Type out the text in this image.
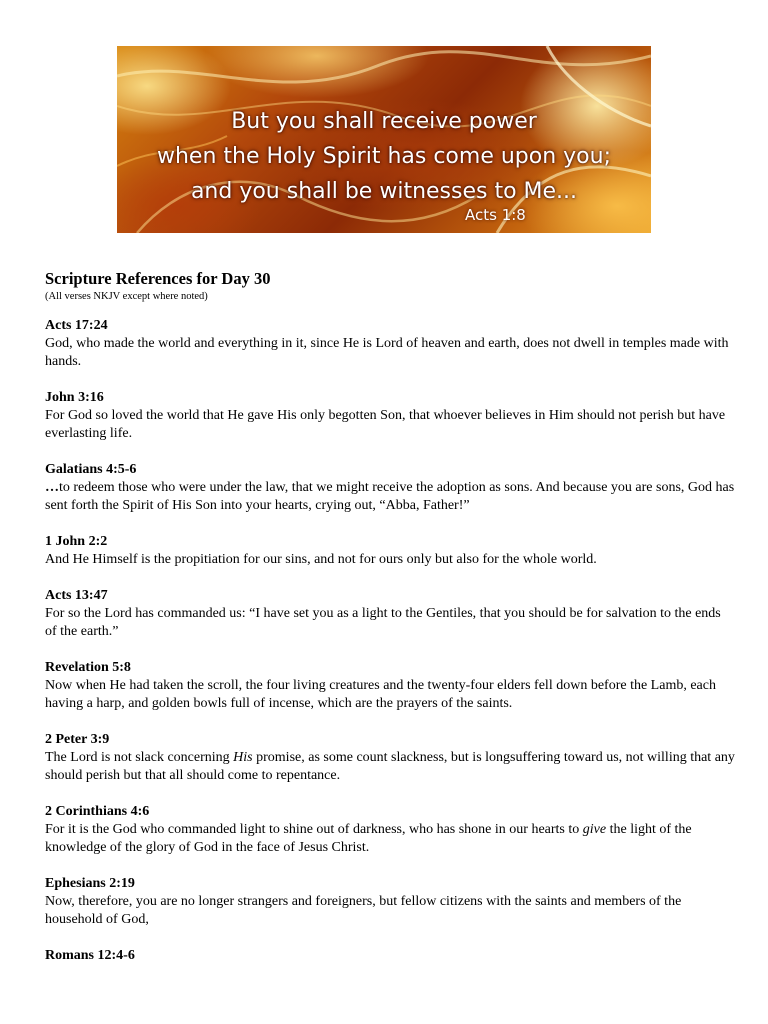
But you shall receive power
when the Holy Spirit has come upon you;
and you shall be witnesses to Me...
Acts 1:8
Scripture References for Day 30

(All verses NKJV except where noted)

Acts 17:24
God, who made the world and everything in it, since He is Lord of heaven and earth, does not dwell in temples made with hands.
John 3:16
For God so loved the world that He gave His only begotten Son, that whoever believes in Him should not perish but have everlasting life.
Galatians 4:5-6
…to redeem those who were under the law, that we might receive the adoption as sons. And because you are sons, God has sent forth the Spirit of His Son into your hearts, crying out, “Abba, Father!”
1 John 2:2
And He Himself is the propitiation for our sins, and not for ours only but also for the whole world.
Acts 13:47
For so the Lord has commanded us: “I have set you as a light to the Gentiles, that you should be for salvation to the ends of the earth.”
Revelation 5:8
Now when He had taken the scroll, the four living creatures and the twenty-four elders fell down before the Lamb, each having a harp, and golden bowls full of incense, which are the prayers of the saints.
2 Peter 3:9
The Lord is not slack concerning His promise, as some count slackness, but is longsuffering toward us, not willing that any should perish but that all should come to repentance.
2 Corinthians 4:6
For it is the God who commanded light to shine out of darkness, who has shone in our hearts to give the light of the knowledge of the glory of God in the face of Jesus Christ.
Ephesians 2:19
Now, therefore, you are no longer strangers and foreigners, but fellow citizens with the saints and members of the household of God,
Romans 12:4-6
